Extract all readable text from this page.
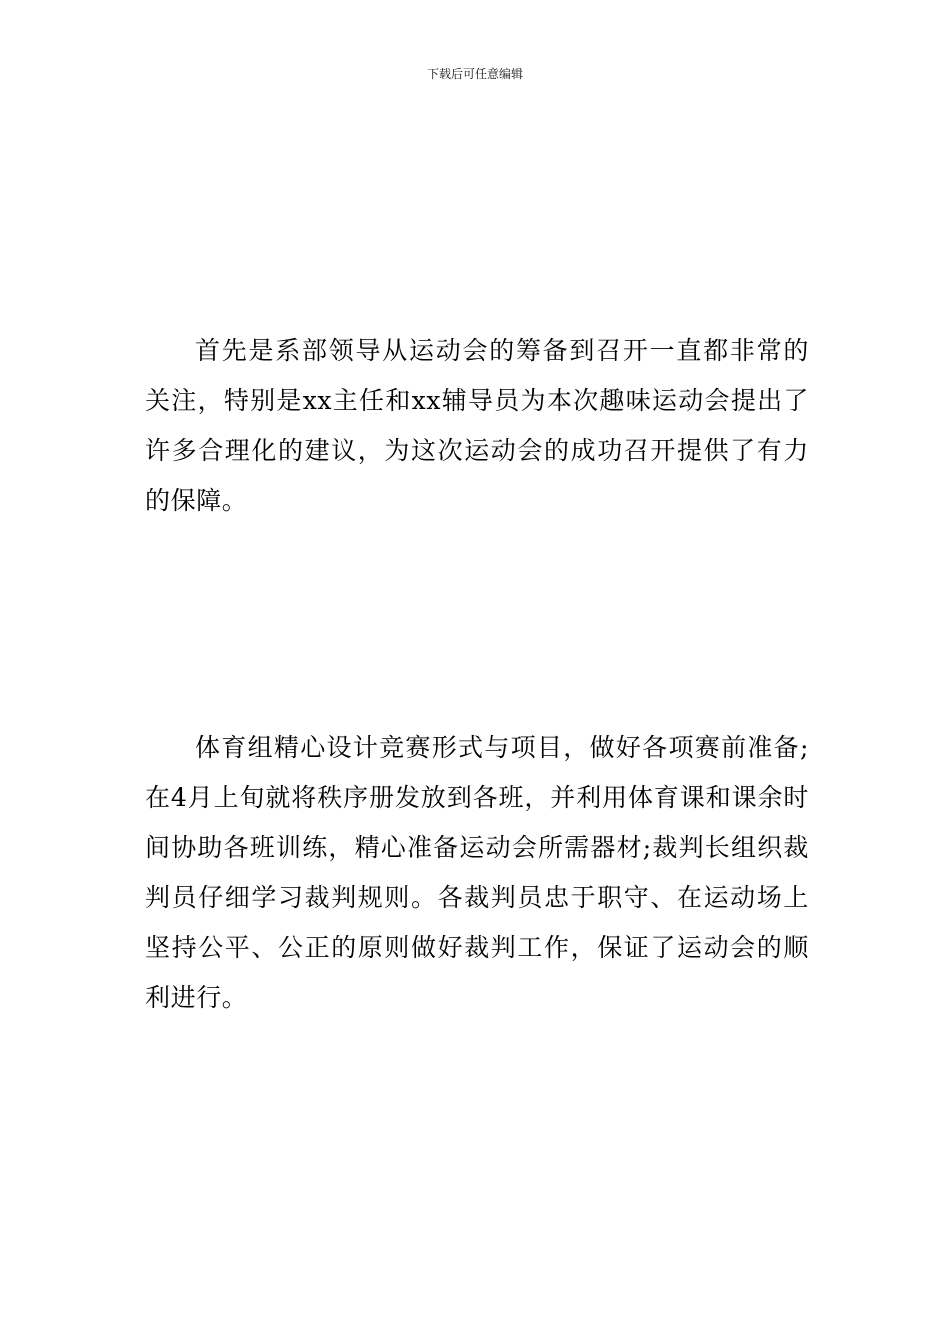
下载后可任意编辑

首先是系部领导从运动会的筹备到召开一直都非常的关注，特别是xx主任和xx辅导员为本次趣味运动会提出了许多合理化的建议，为这次运动会的成功召开提供了有力的保障。

体育组精心设计竞赛形式与项目，做好各项赛前准备;在4月上旬就将秩序册发放到各班，并利用体育课和课余时间协助各班训练，精心准备运动会所需器材;裁判长组织裁判员仔细学习裁判规则。各裁判员忠于职守、在运动场上坚持公平、公正的原则做好裁判工作，保证了运动会的顺利进行。
